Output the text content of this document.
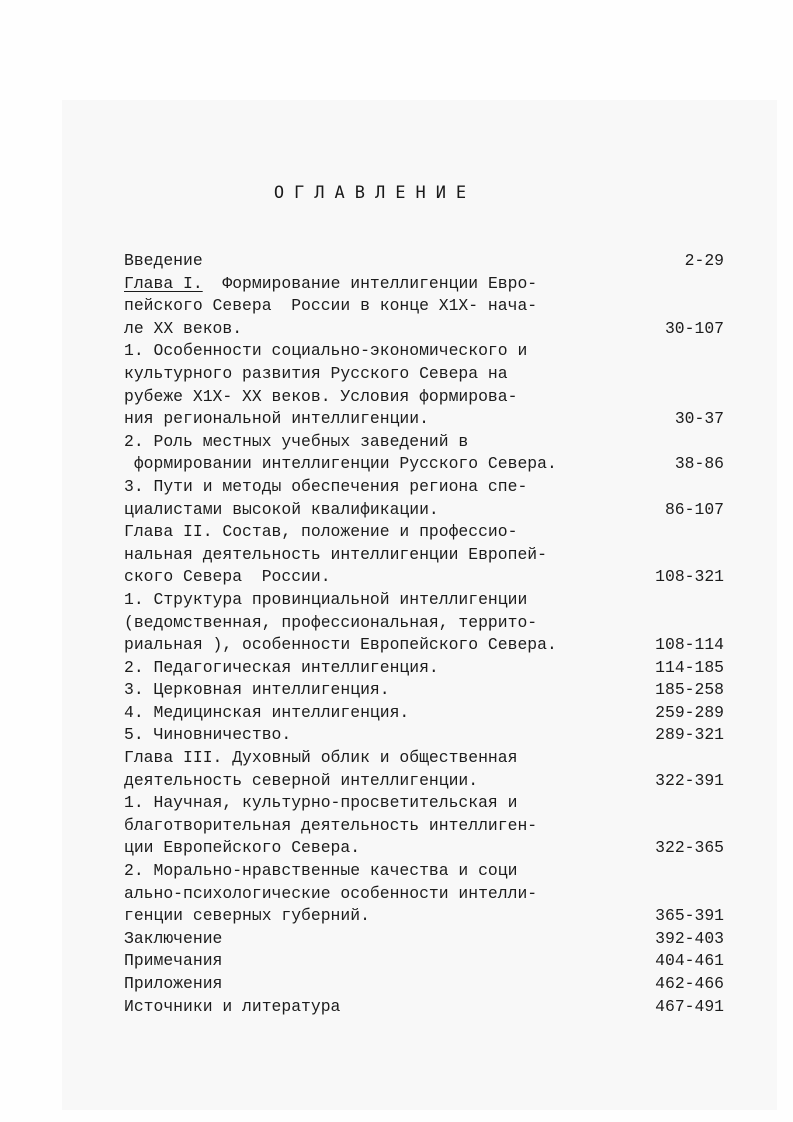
ОГЛАВЛЕНИЕ
Введение	2-29
Глава I.  Формирование интеллигенции Евро-
пейского Севера  России в конце Х1Х- нача-
ле ХХ веков.	30-107
1. Особенности социально-экономического и
культурного развития Русского Севера на
рубеже Х1Х- ХХ веков. Условия формирова-
ния региональной интеллигенции.	30-37
2. Роль местных учебных заведений в
формировании интеллигенции Русского Севера.	38-86
3. Пути и методы обеспечения региона спе-
циалистами высокой квалификации.	86-107
Глава II. Состав, положение и профессио-
нальная деятельность интеллигенции Европей-
ского Севера  России.	108-321
1. Структура провинциальной интеллигенции
(ведомственная, профессиональная, террито-
риальная ), особенности Европейского Севера.	108-114
2. Педагогическая интеллигенция.	114-185
3. Церковная интеллигенция.	185-258
4. Медицинская интеллигенция.	259-289
5. Чиновничество.	289-321
Глава III. Духовный облик и общественная
деятельность северной интеллигенции.	322-391
1. Научная, культурно-просветительская и
благотворительная деятельность интеллиген-
ции Европейского Севера.	322-365
2. Морально-нравственные качества и соци
ально-психологические особенности интелли-
генции северных губерний.	365-391
Заключение	392-403
Примечания	404-461
Приложения	462-466
Источники и литература	467-491
